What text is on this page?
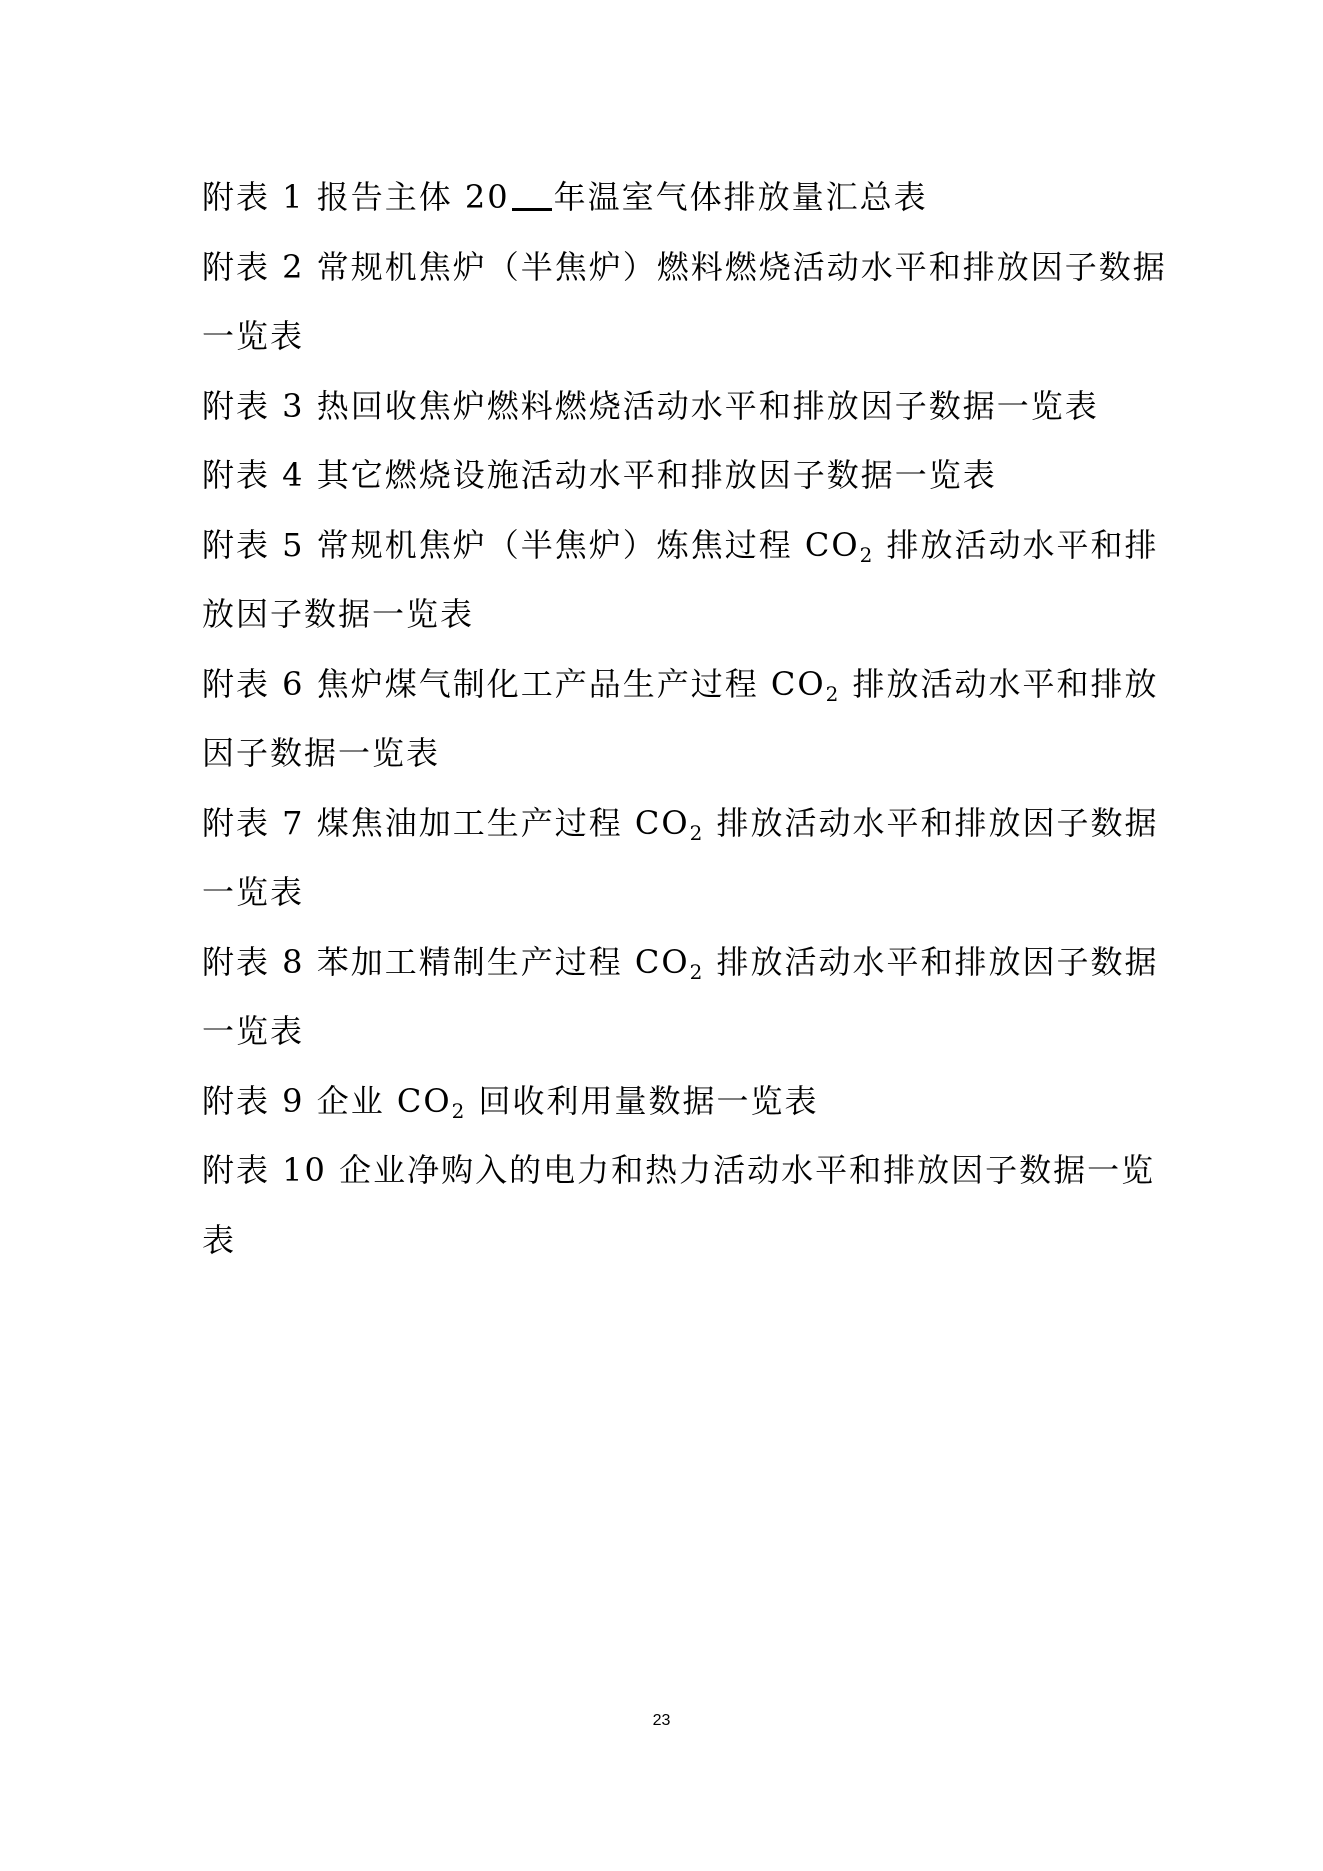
附表 1 报告主体 20 年温室气体排放量汇总表
附表 2 常规机焦炉（半焦炉）燃料燃烧活动水平和排放因子数据
一览表
附表 3 热回收焦炉燃料燃烧活动水平和排放因子数据一览表
附表 4 其它燃烧设施活动水平和排放因子数据一览表
附表 5 常规机焦炉（半焦炉）炼焦过程 $CO_2$ 排放活动水平和排
放因子数据一览表
附表 6 焦炉煤气制化工产品生产过程 $CO_2$ 排放活动水平和排放
因子数据一览表
附表 7 煤焦油加工生产过程 $CO_2$ 排放活动水平和排放因子数据
一览表
附表 8 苯加工精制生产过程 $CO_2$ 排放活动水平和排放因子数据
一览表
附表 9 企业 $CO_2$ 回收利用量数据一览表
附表 10 企业净购入的电力和热力活动水平和排放因子数据一览
表
23
